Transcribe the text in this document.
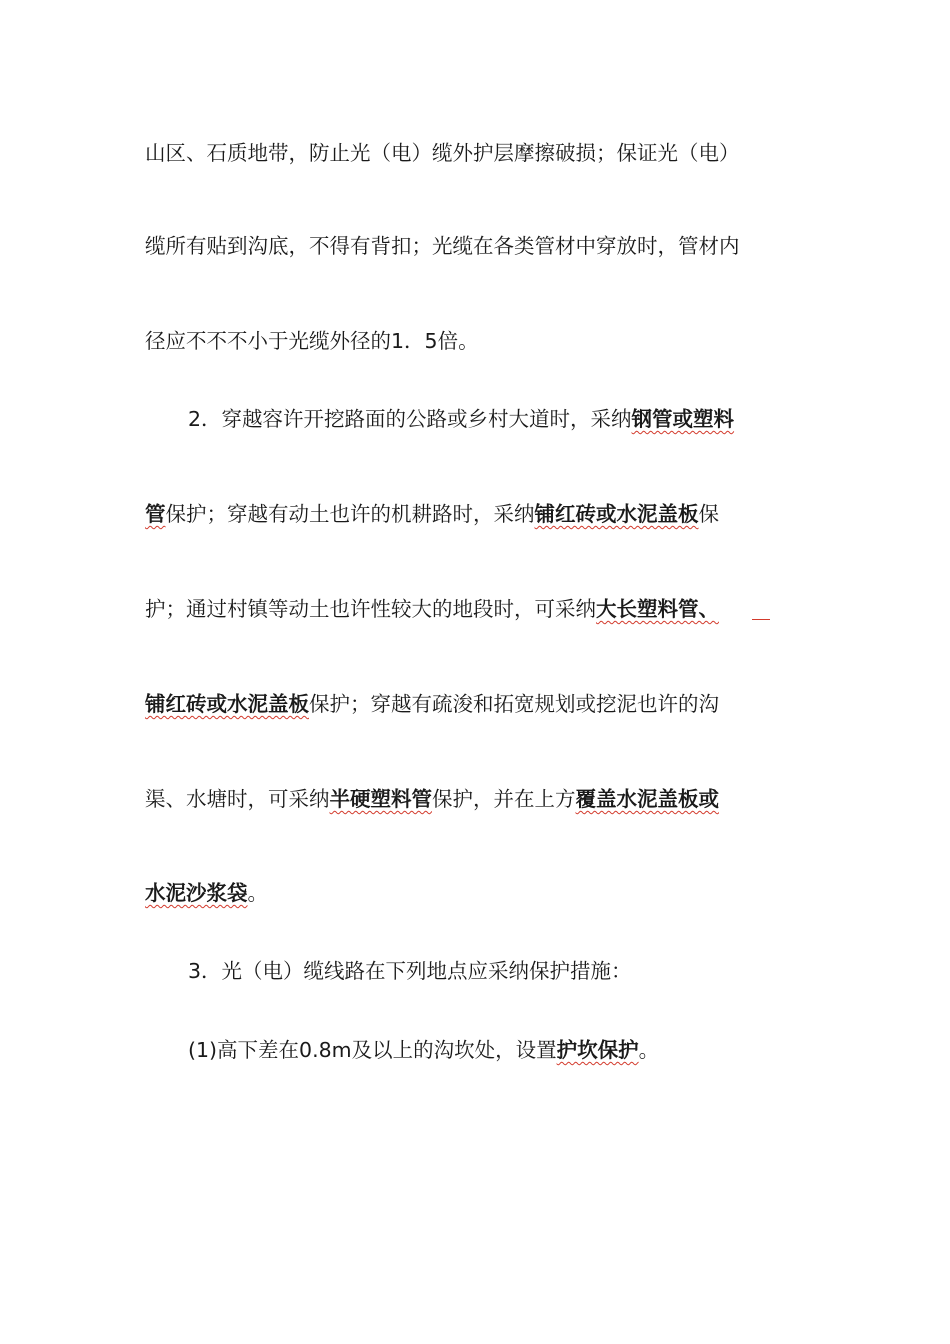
山区、石质地带，防止光（电）缆外护层摩擦破损；保证光（电）
缆所有贴到沟底，不得有背扣；光缆在各类管材中穿放时，管材内
径应不不不小于光缆外径的1．5倍。
2．穿越容许开挖路面的公路或乡村大道时，采纳钢管或塑料
管保护；穿越有动土也许的机耕路时，采纳铺红砖或水泥盖板保
护；通过村镇等动土也许性较大的地段时，可采纳大长塑料管、
铺红砖或水泥盖板保护；穿越有疏浚和拓宽规划或挖泥也许的沟
渠、水塘时，可采纳半硬塑料管保护，并在上方覆盖水泥盖板或
水泥沙浆袋。
3．光（电）缆线路在下列地点应采纳保护措施：
(1)高下差在0.8m及以上的沟坎处，设置护坎保护。
